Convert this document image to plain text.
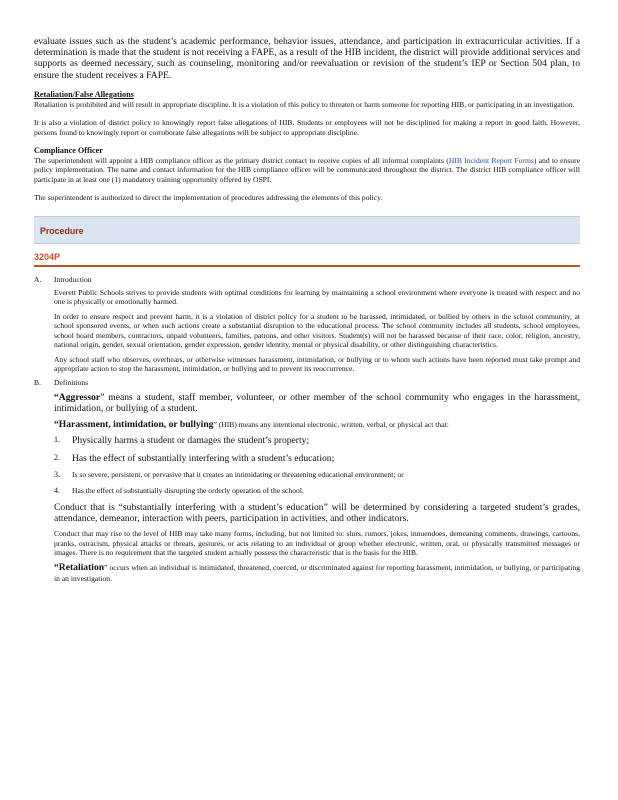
evaluate issues such as the student’s academic performance, behavior issues, attendance, and participation in extracurricular activities. If a determination is made that the student is not receiving a FAPE, as a result of the HIB incident, the district will provide additional services and supports as deemed necessary, such as counseling, monitoring and/or reevaluation or revision of the student’s IEP or Section 504 plan, to ensure the student receives a FAPE.

Retaliation/False Allegations

Retaliation is prohibited and will result in appropriate discipline. It is a violation of this policy to threaten or harm someone for reporting HIB, or participating in an investigation.

It is also a violation of district policy to knowingly report false allegations of HIB. Students or employees will not be disciplined for making a report in good faith. However, persons found to knowingly report or corroborate false allegations will be subject to appropriate discipline.

Compliance Officer

The superintendent will appoint a HIB compliance officer as the primary district contact to receive copies of all informal complaints (HIB Incident Report Forms) and to ensure policy implementation. The name and contact information for the HIB compliance officer will be communicated throughout the district. The district HIB compliance officer will participate in at least one (1) mandatory training opportunity offered by OSPI.

The superintendent is authorized to direct the implementation of procedures addressing the elements of this policy.

Procedure
3204P
A.	Introduction

Everett Public Schools strives to provide students with optimal conditions for learning by maintaining a school environment where everyone is treated with respect and no one is physically or emotionally harmed.

In order to ensure respect and prevent harm, it is a violation of district policy for a student to be harassed, intimidated, or bullied by others in the school community, at school sponsored events, or when such actions create a substantial disruption to the educational process. The school community includes all students, school employees, school board members, contractors, unpaid volunteers, families, patrons, and other visitors. Student(s) will not be harassed because of their race, color, religion, ancestry, national origin, gender, sexual orientation, gender expression, gender identity, mental or physical disability, or other distinguishing characteristics.

Any school staff who observes, overhears, or otherwise witnesses harassment, intimidation, or bullying or to whom such actions have been reported must take prompt and appropriate action to stop the harassment, intimidation, or bullying and to prevent its reoccurrence.

B.	Definitions

“Aggressor” means a student, staff member, volunteer, or other member of the school community who engages in the harassment, intimidation, or bullying of a student.

“Harassment, intimidation, or bullying” (HIB) means any intentional electronic, written, verbal, or physical act that:

1.	Physically harms a student or damages the student’s property;
2.	Has the effect of substantially interfering with a student’s education;
3.	Is so severe, persistent, or pervasive that it creates an intimidating or threatening educational environment; or
4.	Has the effect of substantially disrupting the orderly operation of the school.

Conduct that is “substantially interfering with a student’s education” will be determined by considering a targeted student’s grades, attendance, demeanor, interaction with peers, participation in activities, and other indicators.

Conduct that may rise to the level of HIB may take many forms, including, but not limited to: slurs, rumors, jokes, innuendoes, demeaning comments, drawings, cartoons, pranks, ostracism, physical attacks or threats, gestures, or acts relating to an individual or group whether electronic, written, oral, or physically transmitted messages or images. There is no requirement that the targeted student actually possess the characteristic that is the basis for the HIB.

“Retaliation” occurs when an individual is intimidated, threatened, coerced, or discriminated against for reporting harassment, intimidation, or bullying, or participating in an investigation.
